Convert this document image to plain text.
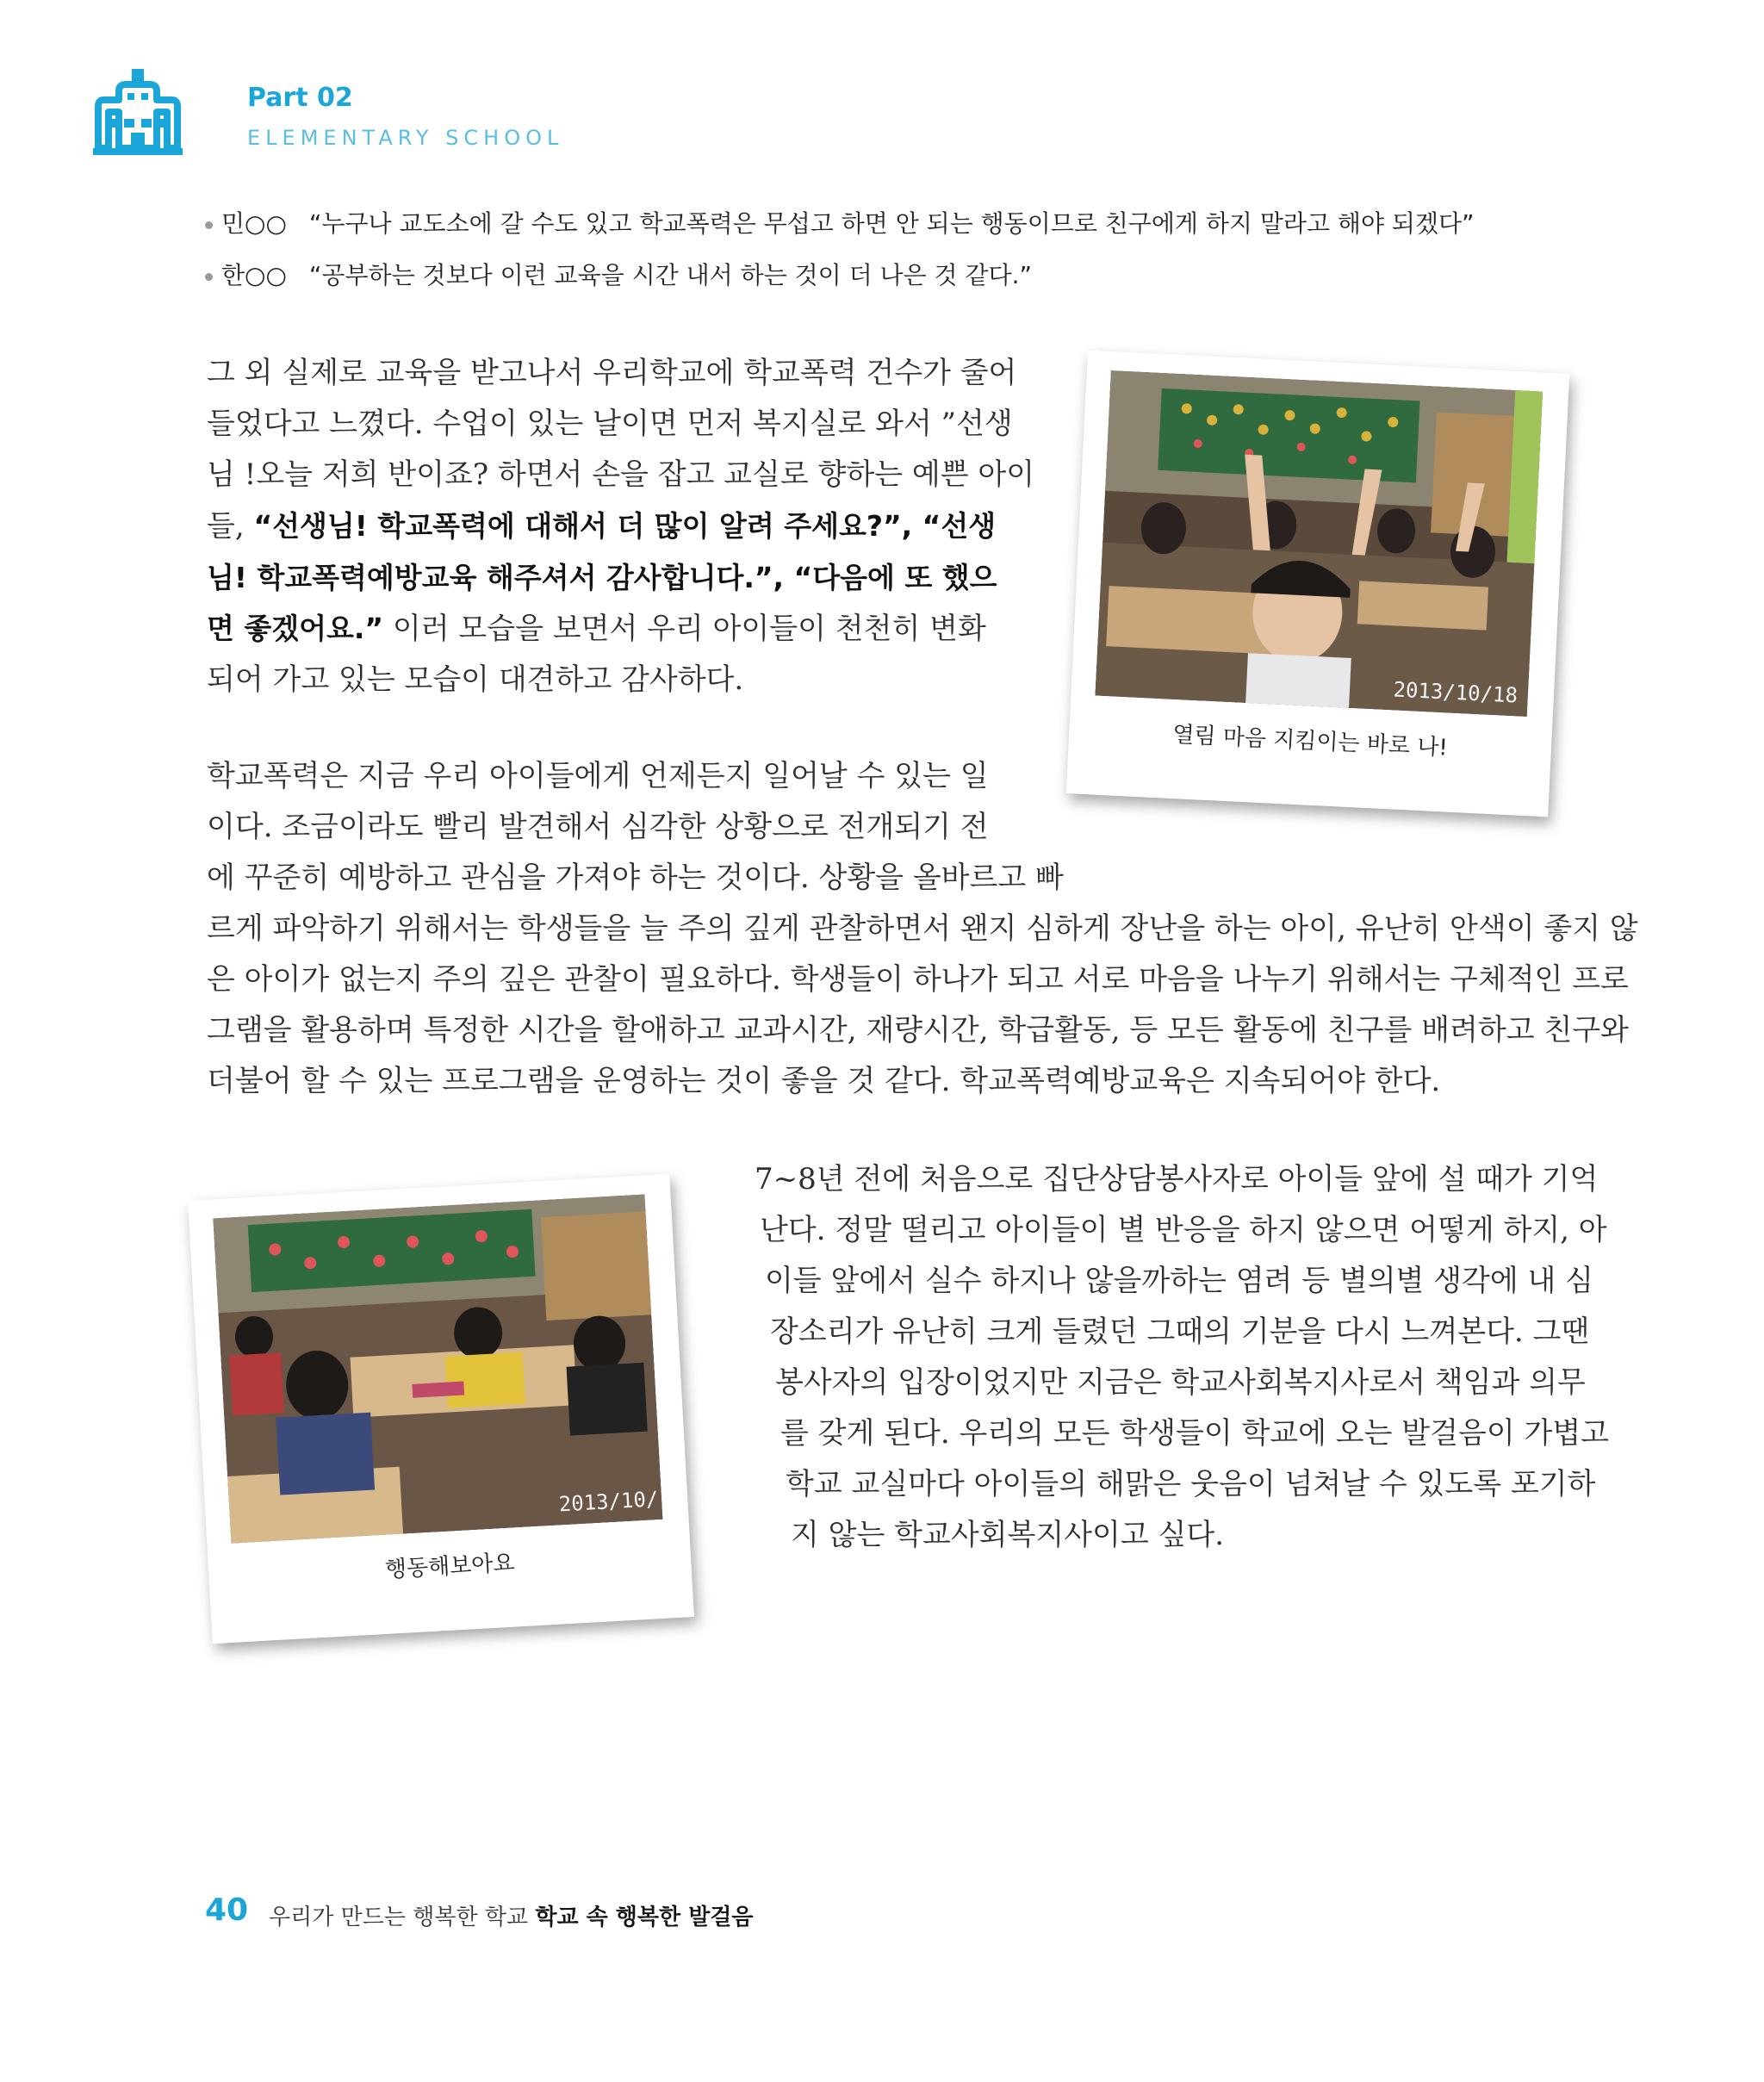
Part 02
ELEMENTARY SCHOOL
민○○ “누구나 교도소에 갈 수도 있고 학교폭력은 무섭고 하면 안 되는 행동이므로 친구에게 하지 말라고 해야 되겠다”
한○○ “공부하는 것보다 이런 교육을 시간 내서 하는 것이 더 나은 것 같다.”
그 외 실제로 교육을 받고나서 우리학교에 학교폭력 건수가 줄어
들었다고 느꼈다. 수업이 있는 날이면 먼저 복지실로 와서 ”선생
님 !오늘 저희 반이죠? 하면서 손을 잡고 교실로 향하는 예쁜 아이
들, “선생님! 학교폭력에 대해서 더 많이 알려 주세요?”, “선생
님! 학교폭력예방교육 해주셔서 감사합니다.”, “다음에 또 했으
면 좋겠어요.” 이러 모습을 보면서 우리 아이들이 천천히 변화
되어 가고 있는 모습이 대견하고 감사하다.
학교폭력은 지금 우리 아이들에게 언제든지 일어날 수 있는 일
이다. 조금이라도 빨리 발견해서 심각한 상황으로 전개되기 전
에 꾸준히 예방하고 관심을 가져야 하는 것이다. 상황을 올바르고 빠
르게 파악하기 위해서는 학생들을 늘 주의 깊게 관찰하면서 왠지 심하게 장난을 하는 아이, 유난히 안색이 좋지 않
은 아이가 없는지 주의 깊은 관찰이 필요하다. 학생들이 하나가 되고 서로 마음을 나누기 위해서는 구체적인 프로
그램을 활용하며 특정한 시간을 할애하고 교과시간, 재량시간, 학급활동, 등 모든 활동에 친구를 배려하고 친구와
더불어 할 수 있는 프로그램을 운영하는 것이 좋을 것 같다. 학교폭력예방교육은 지속되어야 한다.
7~8년 전에 처음으로 집단상담봉사자로 아이들 앞에 설 때가 기억
난다. 정말 떨리고 아이들이 별 반응을 하지 않으면 어떻게 하지, 아
이들 앞에서 실수 하지나 않을까하는 염려 등 별의별 생각에 내 심
장소리가 유난히 크게 들렸던 그때의 기분을 다시 느껴본다. 그땐
봉사자의 입장이었지만 지금은 학교사회복지사로서 책임과 의무
를 갖게 된다. 우리의 모든 학생들이 학교에 오는 발걸음이 가볍고
학교 교실마다 아이들의 해맑은 웃음이 넘쳐날 수 있도록 포기하
지 않는 학교사회복지사이고 싶다.
2013/10/18
열림 마음 지킴이는 바로 나!
2013/10/
행동해보아요
40 우리가 만드는 행복한 학교 학교 속 행복한 발걸음
